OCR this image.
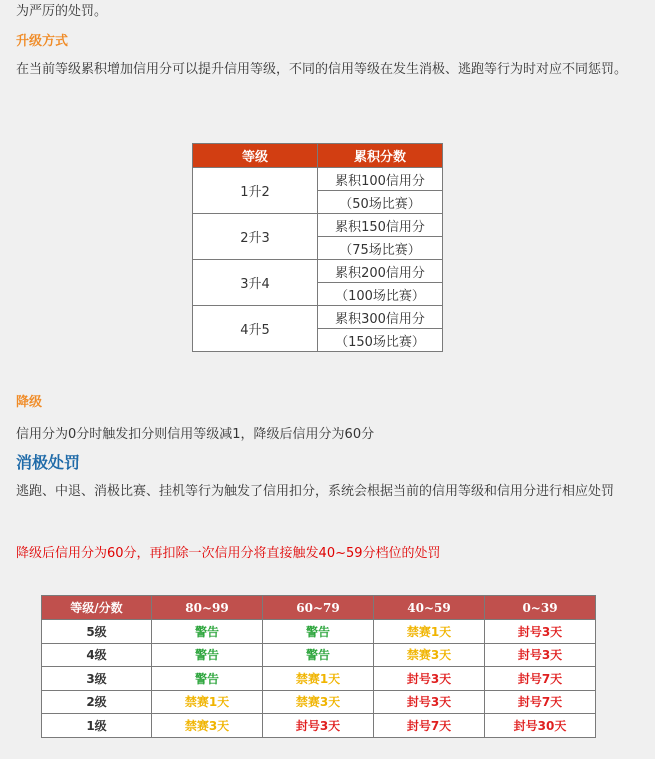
为严厉的处罚。
升级方式
在当前等级累积增加信用分可以提升信用等级，不同的信用等级在发生消极、逃跑等行为时对应不同惩罚。
等级	累积分数
1升2	累积100信用分
	（50场比赛）
2升3	累积150信用分
	（75场比赛）
3升4	累积200信用分
	（100场比赛）
4升5	累积300信用分
	（150场比赛）
降级
信用分为0分时触发扣分则信用等级减1，降级后信用分为60分
消极处罚
逃跑、中退、消极比赛、挂机等行为触发了信用扣分，系统会根据当前的信用等级和信用分进行相应处罚
降级后信用分为60分，再扣除一次信用分将直接触发40~59分档位的处罚
等级/分数	80~99	60~79	40~59	0~39
5级	警告	警告	禁赛1天	封号3天
4级	警告	警告	禁赛3天	封号3天
3级	警告	禁赛1天	封号3天	封号7天
2级	禁赛1天	禁赛3天	封号3天	封号7天
1级	禁赛3天	封号3天	封号7天	封号30天
